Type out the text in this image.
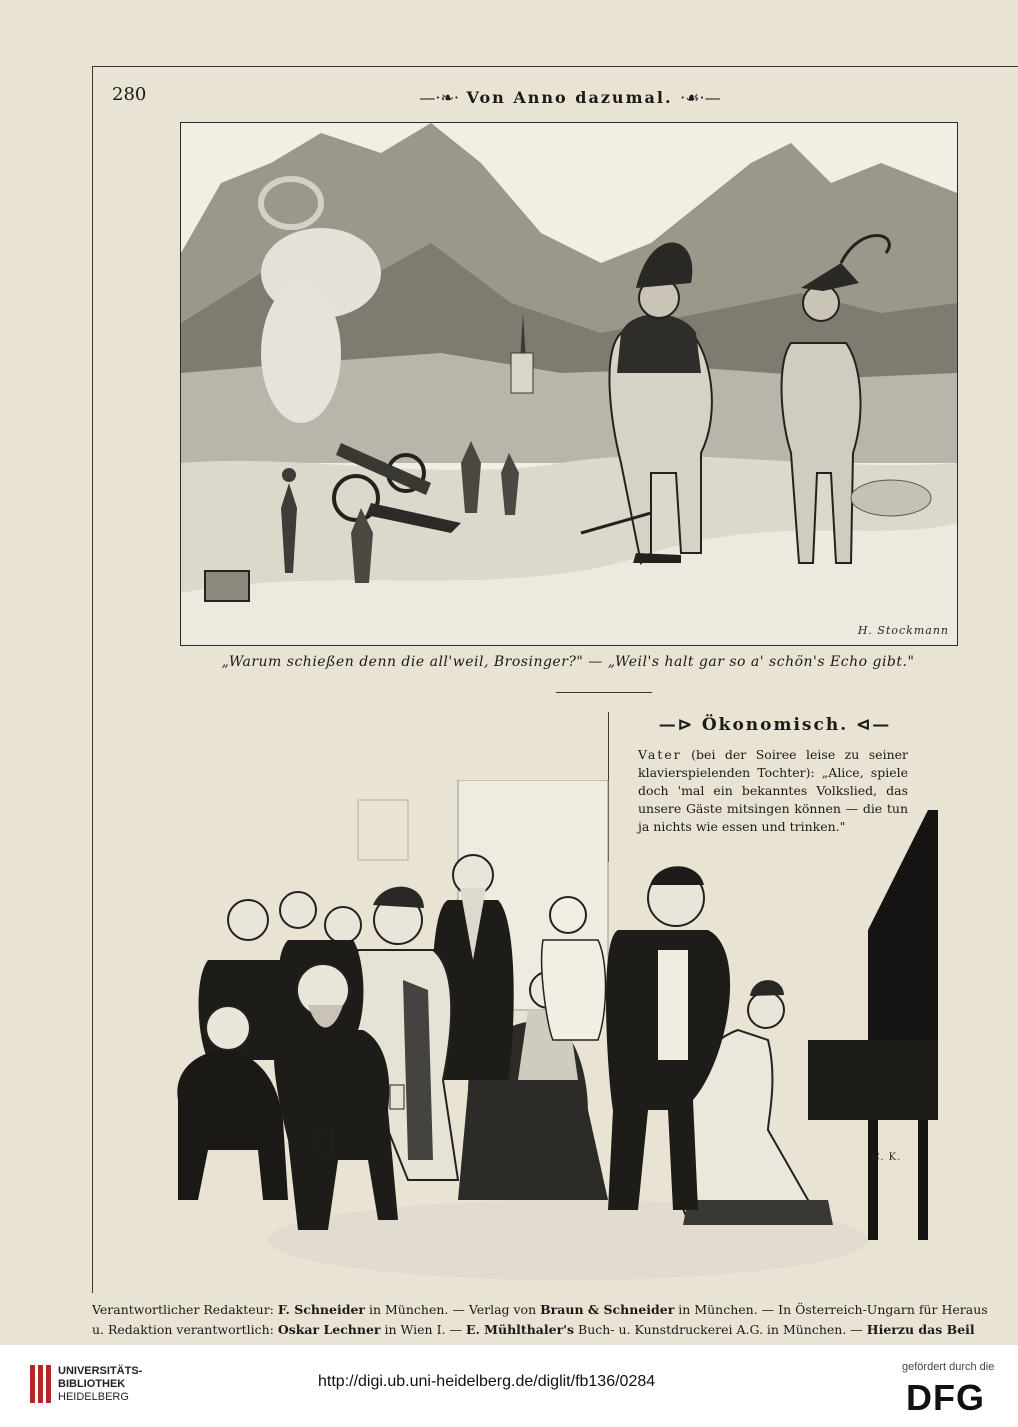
280	—·❧· Von Anno dazumal. ·☙·—
H. Stockmann
„Warum schießen denn die all'weil, Brosinger?" — „Weil's halt gar so a' schön's Echo gibt."
—⊳ Ökonomisch. ⊲—
Vater (bei der Soiree leise zu seiner klavierspielenden Tochter): „Alice, spiele doch 'mal ein bekanntes Volkslied, das unsere Gäste mitsingen können — die tun ja nichts wie essen und trinken."
C. K.
Verantwortlicher Redakteur: F. Schneider in München. — Verlag von Braun & Schneider in München. — In Österreich-Ungarn für Heraus
u. Redaktion verantwortlich: Oskar Lechner in Wien I. — E. Mühlthaler's Buch- u. Kunstdruckerei A.G. in München. — Hierzu das Beil
UNIVERSITÄTS-
BIBLIOTHEK
HEIDELBERG
http://digi.ub.uni-heidelberg.de/diglit/fb136/0284
gefördert durch die
DFG
